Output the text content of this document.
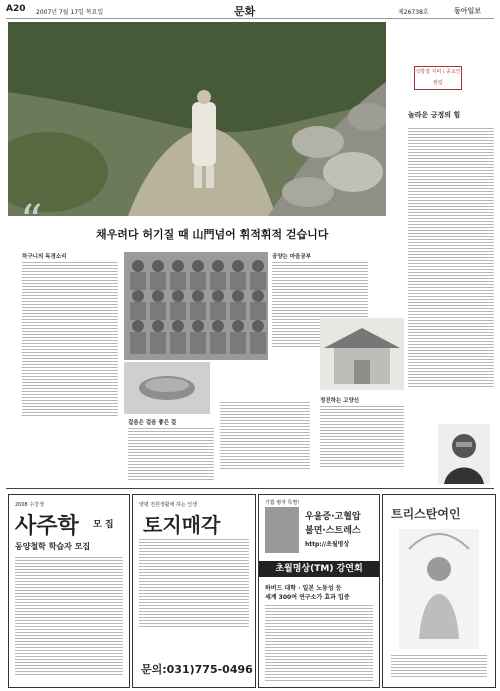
A20 2007년 7월 17일 목요일	문화	제26738호	동아일보
석방결 지비 / 종교인 칼럼
놀라운 긍정의 힘
“	채우려다 허기질 때 山門넘어 휘적휘적 걷습니다
하구니의 독경소리	공양는 마음공부
걸음은 걸음 좋은 걸
정진하는 고양신
2008 수강생
사주학 모 집
동양철학 학습자 모집
양평 전원생활에 하는 인생
토지매각
문의:031)775-0496
기쁨 병자 특별!
우울증·고혈압
불면·스트레스
http://초월명상
초월명상(TM) 강연회
하버드 대학 · 일본 노동성 등
세계 300여 연구소가 효과 입증
트리스탄여인
